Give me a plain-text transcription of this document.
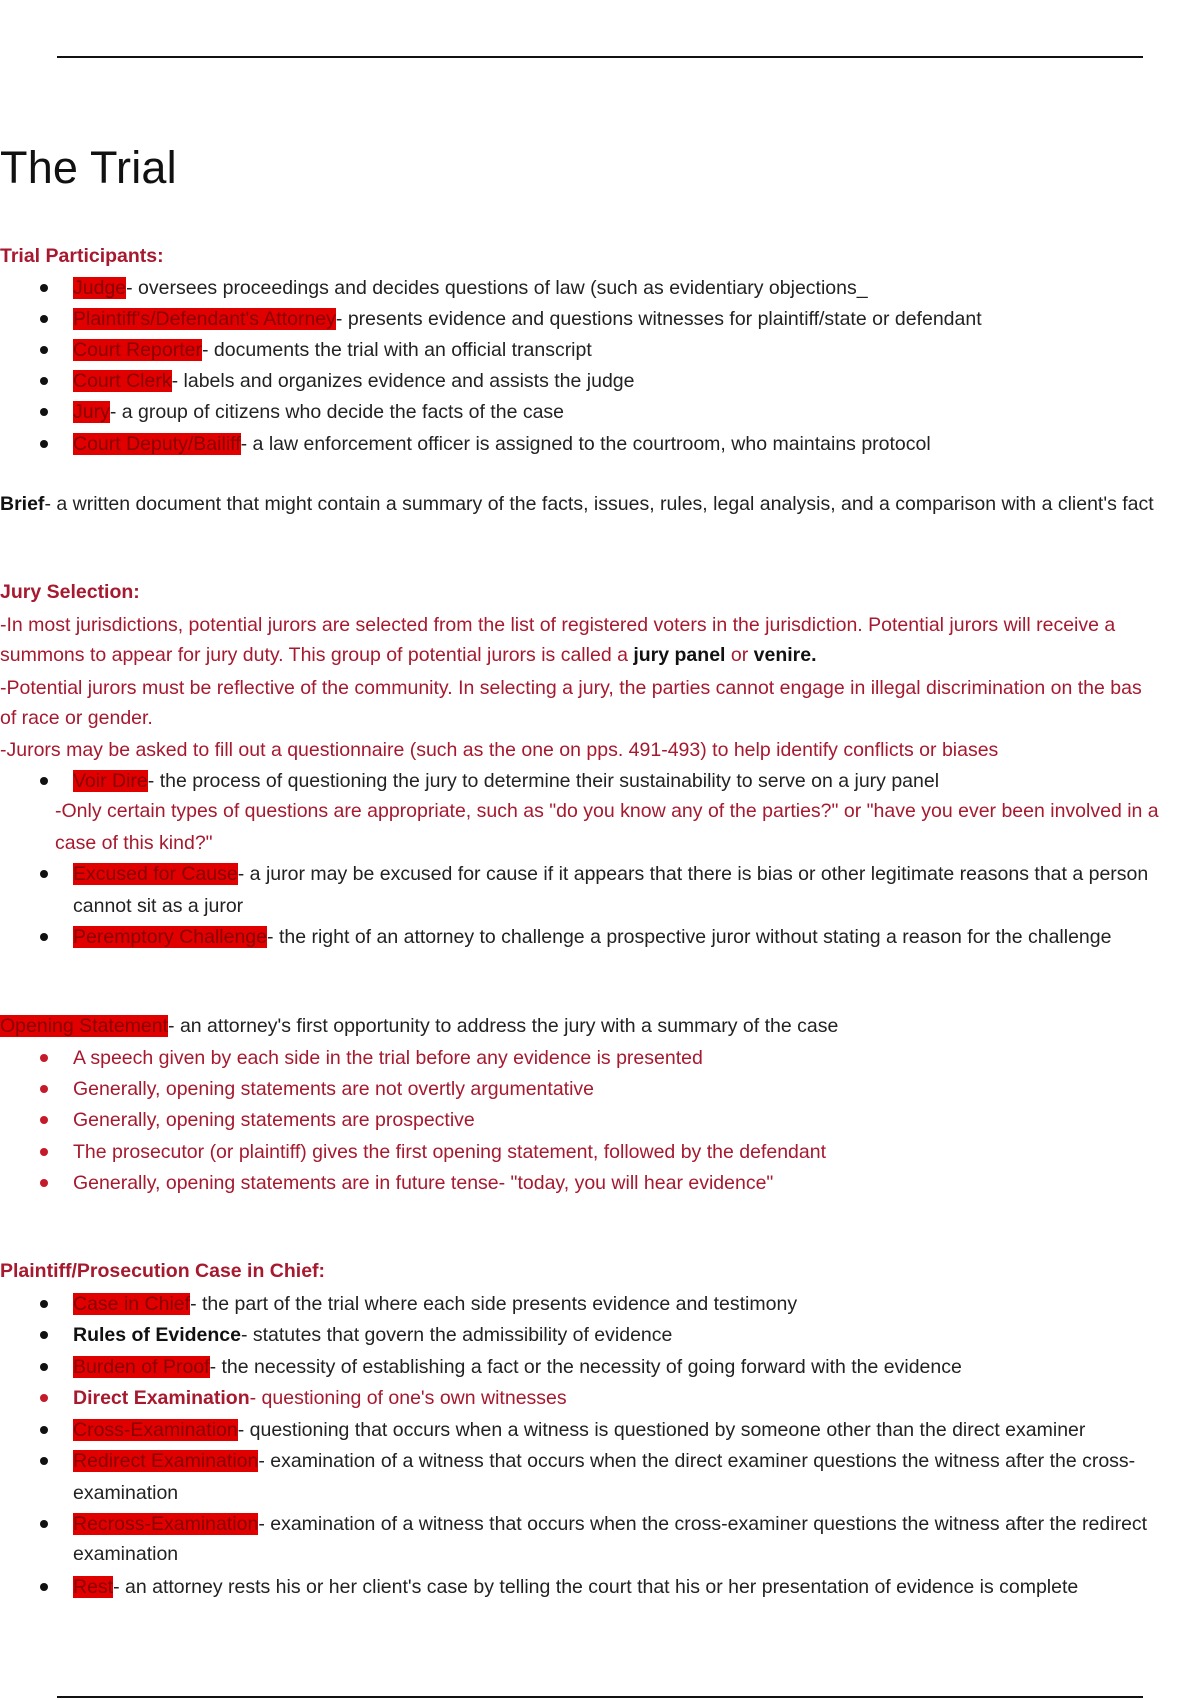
The Trial
Trial Participants:
Judge- oversees proceedings and decides questions of law (such as evidentiary objections_
Plaintiff's/Defendant's Attorney- presents evidence and questions witnesses for plaintiff/state or defendant
Court Reporter- documents the trial with an official transcript
Court Clerk- labels and organizes evidence and assists the judge
Jury- a group of citizens who decide the facts of the case
Court Deputy/Bailiff- a law enforcement officer is assigned to the courtroom, who maintains protocol
Brief- a written document that might contain a summary of the facts, issues, rules, legal analysis, and a comparison with a client's fact
Jury Selection:
-In most jurisdictions, potential jurors are selected from the list of registered voters in the jurisdiction. Potential jurors will receive a
summons to appear for jury duty. This group of potential jurors is called a jury panel or venire.
-Potential jurors must be reflective of the community. In selecting a jury, the parties cannot engage in illegal discrimination on the bas
of race or gender.
-Jurors may be asked to fill out a questionnaire (such as the one on pps. 491-493) to help identify conflicts or biases
Voir Dire- the process of questioning the jury to determine their sustainability to serve on a jury panel
-Only certain types of questions are appropriate, such as "do you know any of the parties?" or "have you ever been involved in a
case of this kind?"
Excused for Cause- a juror may be excused for cause if it appears that there is bias or other legitimate reasons that a person
cannot sit as a juror
Peremptory Challenge- the right of an attorney to challenge a prospective juror without stating a reason for the challenge
Opening Statement- an attorney's first opportunity to address the jury with a summary of the case
A speech given by each side in the trial before any evidence is presented
Generally, opening statements are not overtly argumentative
Generally, opening statements are prospective
The prosecutor (or plaintiff) gives the first opening statement, followed by the defendant
Generally, opening statements are in future tense- "today, you will hear evidence"
Plaintiff/Prosecution Case in Chief:
Case in Chief- the part of the trial where each side presents evidence and testimony
Rules of Evidence- statutes that govern the admissibility of evidence
Burden of Proof- the necessity of establishing a fact or the necessity of going forward with the evidence
Direct Examination- questioning of one's own witnesses
Cross-Examination- questioning that occurs when a witness is questioned by someone other than the direct examiner
Redirect Examination- examination of a witness that occurs when the direct examiner questions the witness after the cross-
examination
Recross-Examination- examination of a witness that occurs when the cross-examiner questions the witness after the redirect
examination
Rest- an attorney rests his or her client's case by telling the court that his or her presentation of evidence is complete
